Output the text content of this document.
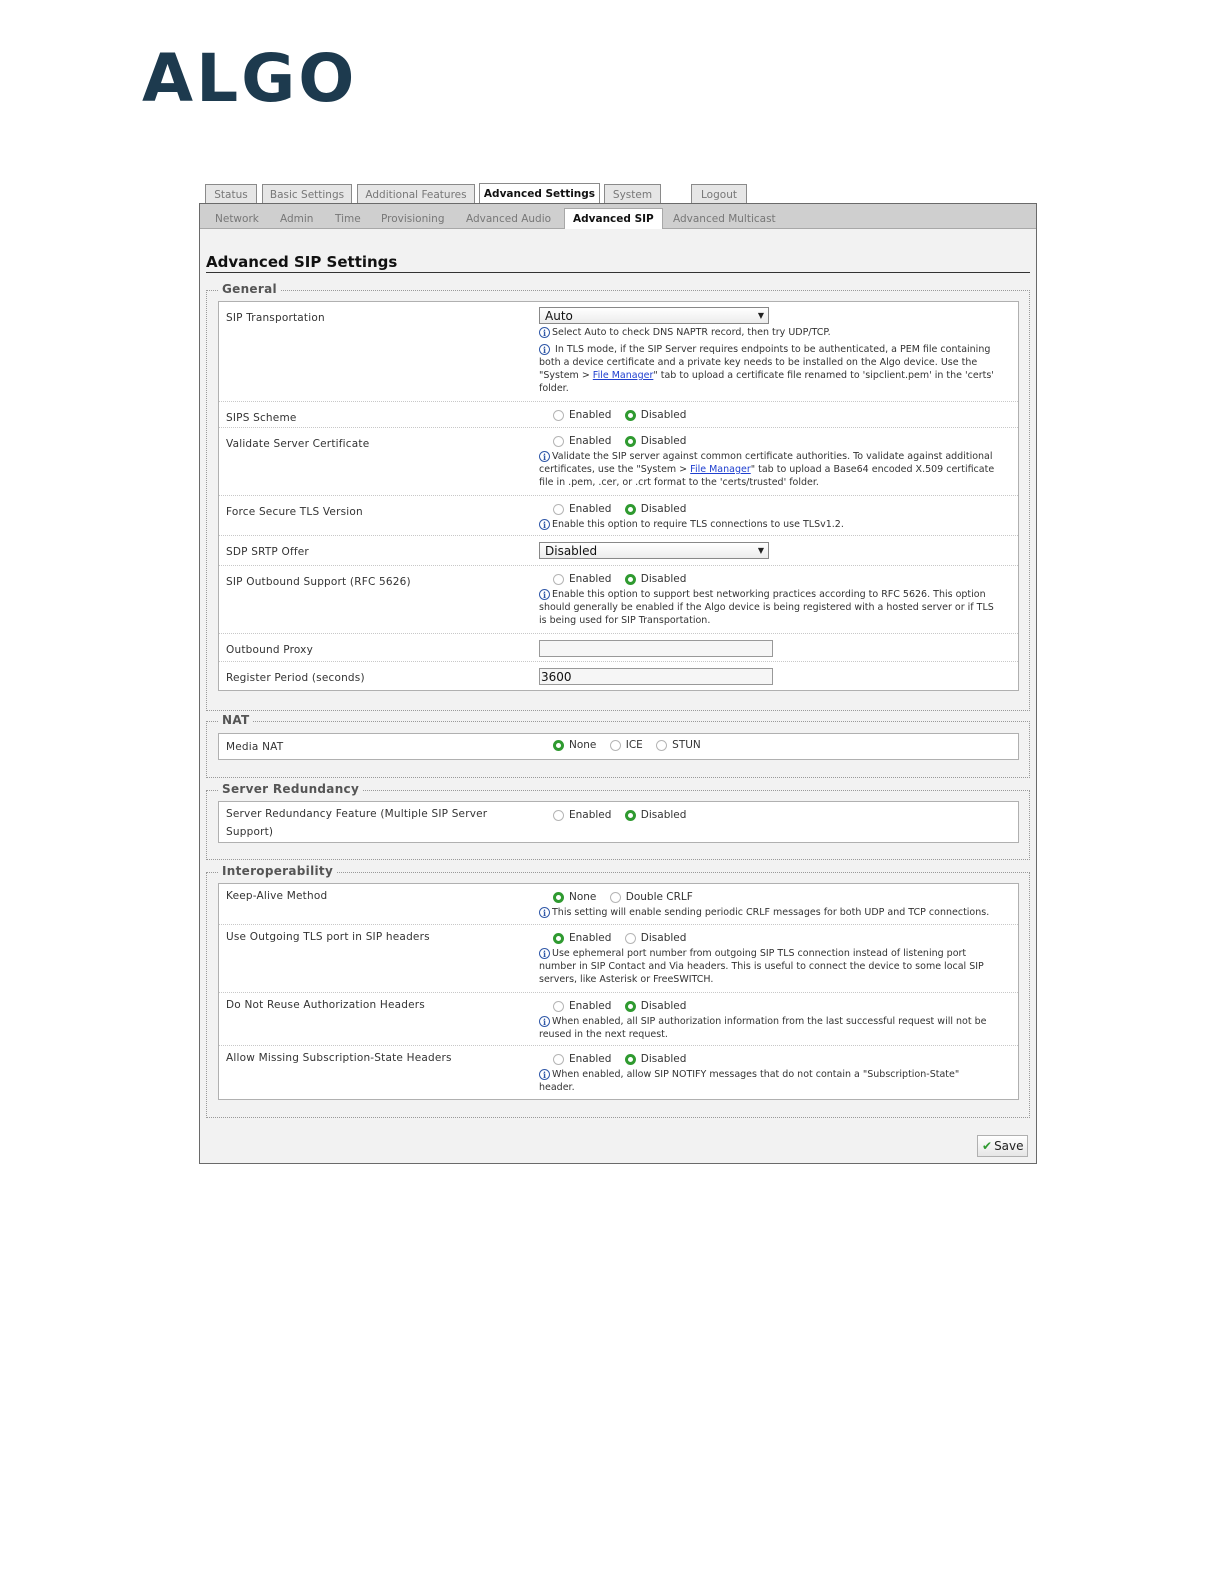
ALGO
Status	Basic Settings	Additional Features	Advanced Settings	System	Logout
Network Admin Time Provisioning Advanced Audio	Advanced SIP	Advanced Multicast
Advanced SIP Settings
General
SIP Transportation	Auto	▼
i Select Auto to check DNS NAPTR record, then try UDP/TCP.
i In TLS mode, if the SIP Server requires endpoints to be authenticated, a PEM file containing both a device certificate and a private key needs to be installed on the Algo device. Use the "System > File Manager" tab to upload a certificate file renamed to 'sipclient.pem' in the 'certs' folder.
SIPS Scheme	Enabled	Disabled
Validate Server Certificate	Enabled	Disabled
i Validate the SIP server against common certificate authorities. To validate against additional certificates, use the "System > File Manager" tab to upload a Base64 encoded X.509 certificate file in .pem, .cer, or .crt format to the 'certs/trusted' folder.
Force Secure TLS Version	Enabled	Disabled
i Enable this option to require TLS connections to use TLSv1.2.
SDP SRTP Offer	Disabled	▼
SIP Outbound Support (RFC 5626)	Enabled	Disabled
i Enable this option to support best networking practices according to RFC 5626. This option should generally be enabled if the Algo device is being registered with a hosted server or if TLS is being used for SIP Transportation.
Outbound Proxy
Register Period (seconds)	3600
NAT
Media NAT	None	ICE	STUN
Server Redundancy
Server Redundancy Feature (Multiple SIP Server Support)
Enabled	Disabled
Interoperability
Keep-Alive Method	None	Double CRLF
i This setting will enable sending periodic CRLF messages for both UDP and TCP connections.
Use Outgoing TLS port in SIP headers	Enabled	Disabled
i Use ephemeral port number from outgoing SIP TLS connection instead of listening port number in SIP Contact and Via headers. This is useful to connect the device to some local SIP servers, like Asterisk or FreeSWITCH.
Do Not Reuse Authorization Headers	Enabled	Disabled
i When enabled, all SIP authorization information from the last successful request will not be reused in the next request.
Allow Missing Subscription-State Headers	Enabled	Disabled
i When enabled, allow SIP NOTIFY messages that do not contain a "Subscription-State" header.
✔ Save
